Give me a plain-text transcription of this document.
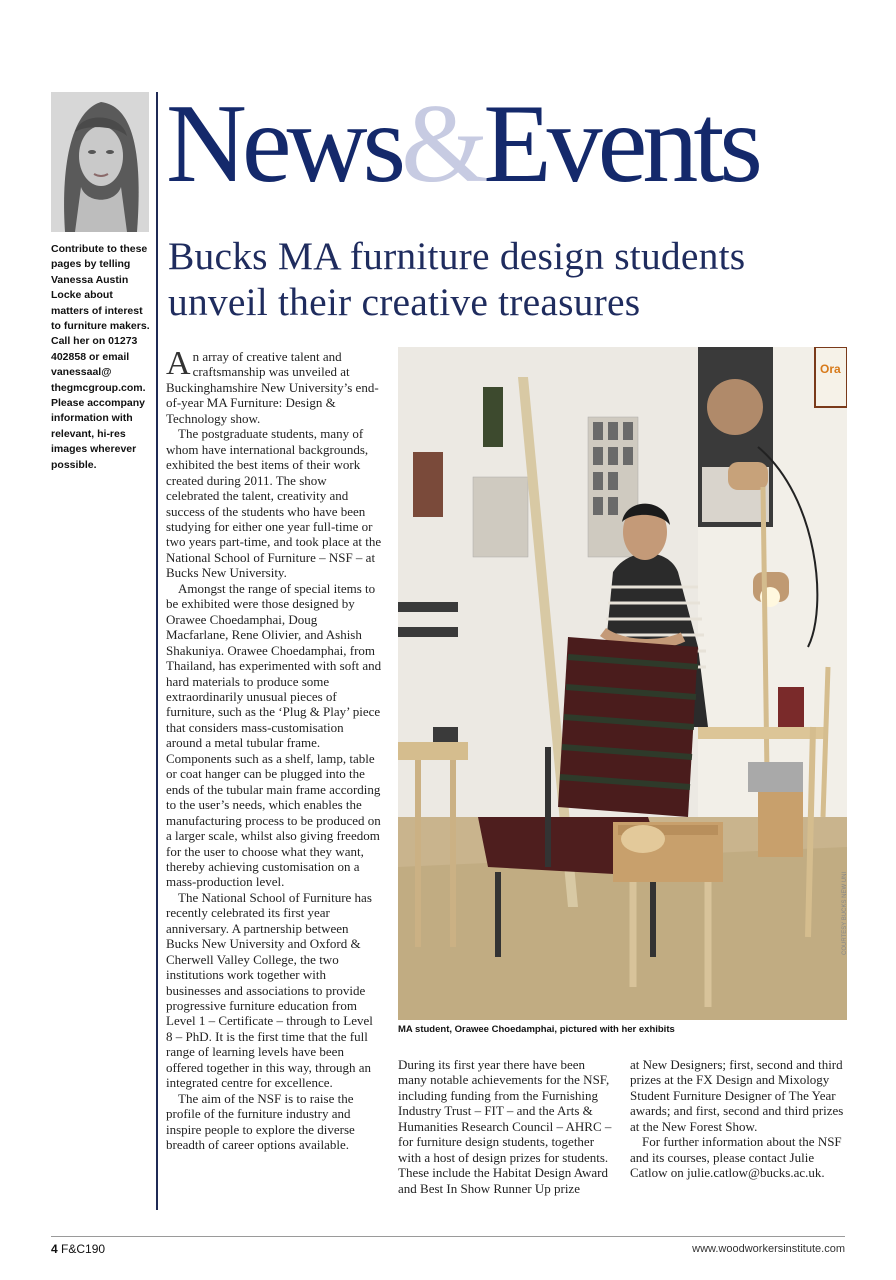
Contribute to these pages by telling Vanessa Austin Locke about matters of interest to furniture makers. Call her on 01273 402858 or email vanessaal@ thegmcgroup.com. Please accompany information with relevant, hi-res images wherever possible.
News&Events
Bucks MA furniture design students
unveil their creative treasures

An array of creative talent and craftsmanship was unveiled at Buckinghamshire New University’s end-of-year MA Furniture: Design & Technology show.

The postgraduate students, many of whom have international backgrounds, exhibited the best items of their work created during 2011. The show celebrated the talent, creativity and success of the students who have been studying for either one year full-time or two years part-time, and took place at the National School of Furniture – NSF – at Bucks New University.

Amongst the range of special items to be exhibited were those designed by Orawee Choedamphai, Doug Macfarlane, Rene Olivier, and Ashish Shakuniya. Orawee Choedamphai, from Thailand, has experimented with soft and hard materials to produce some extraordinarily unusual pieces of furniture, such as the ‘Plug & Play’ piece that considers mass-customisation around a metal tubular frame. Components such as a shelf, lamp, table or coat hanger can be plugged into the ends of the tubular main frame according to the user’s needs, which enables the manufacturing process to be produced on a larger scale, whilst also giving freedom for the user to choose what they want, thereby achieving customisation on a mass-production level.

The National School of Furniture has recently celebrated its first year anniversary. A partnership between Bucks New University and Oxford & Cherwell Valley College, the two institutions work together with businesses and associations to provide progressive furniture education from Level 1 – Certificate – through to Level 8 – PhD. It is the first time that the full range of learning levels have been offered together in this way, through an integrated centre for excellence.

The aim of the NSF is to raise the profile of the furniture industry and inspire people to explore the diverse breadth of career options available.

Ora
COURTESY BUCKS NEW UNI
MA student, Orawee Choedamphai, pictured with her exhibits

During its first year there have been many notable achievements for the NSF, including funding from the Furnishing Industry Trust – FIT – and the Arts & Humanities Research Council – AHRC – for furniture design students, together with a host of design prizes for students. These include the Habitat Design Award and Best In Show Runner Up prize

at New Designers; first, second and third prizes at the FX Design and Mixology Student Furniture Designer of The Year awards; and first, second and third prizes at the New Forest Show.

For further information about the NSF and its courses, please contact Julie Catlow on julie.catlow@bucks.ac.uk.

4 F&C190	www.woodworkersinstitute.com
